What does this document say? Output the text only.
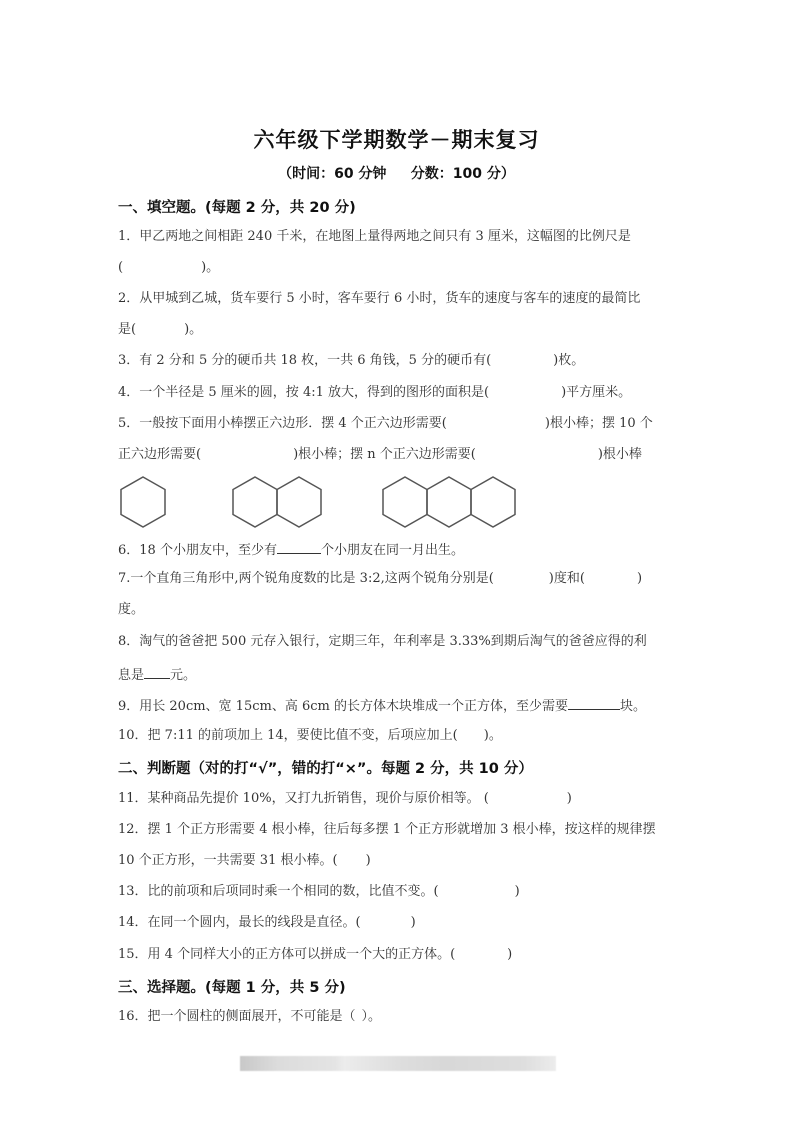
六年级下学期数学－期末复习
（时间：60 分钟     分数：100 分）
一、填空题。(每题 2 分，共 20 分)
1．甲乙两地之间相距 240 千米，在地图上量得两地之间只有 3 厘米，这幅图的比例尺是
(	)。
2．从甲城到乙城，货车要行 5 小时，客车要行 6 小时，货车的速度与客车的速度的最简比
是(	)。
3．有 2 分和 5 分的硬币共 18 枚，一共 6 角钱，5 分的硬币有(	)枚。
4．一个半径是 5 厘米的圆，按 4:1 放大，得到的图形的面积是(	)平方厘米。
5．一般按下面用小棒摆正六边形．摆 4 个正六边形需要(	)根小棒；摆 10 个
正六边形需要(	)根小棒；摆 n 个正六边形需要(	)根小棒
6．18 个小朋友中，至少有	个小朋友在同一月出生。
7.一个直角三角形中,两个锐角度数的比是 3:2,这两个锐角分别是(	)度和(	)
度。
8．淘气的爸爸把 500 元存入银行，定期三年，年利率是 3.33%到期后淘气的爸爸应得的利
息是 元。
9．用长 20cm、宽 15cm、高 6cm 的长方体木块堆成一个正方体，至少需要	块。
10．把 7:11 的前项加上 14，要使比值不变，后项应加上( )。
二、判断题（对的打“√”，错的打“×”。每题 2 分，共 10 分）
11．某种商品先提价 10%，又打九折销售，现价与原价相等。 (	)
12．摆 1 个正方形需要 4 根小棒，往后每多摆 1 个正方形就增加 3 根小棒，按这样的规律摆
10 个正方形，一共需要 31 根小棒。( )
13．比的前项和后项同时乘一个相同的数，比值不变。(	)
14．在同一个圆内，最长的线段是直径。(	)
15．用 4 个同样大小的正方体可以拼成一个大的正方体。(	)
三、选择题。(每题 1 分，共 5 分)
16．把一个圆柱的侧面展开，不可能是（ ）。
